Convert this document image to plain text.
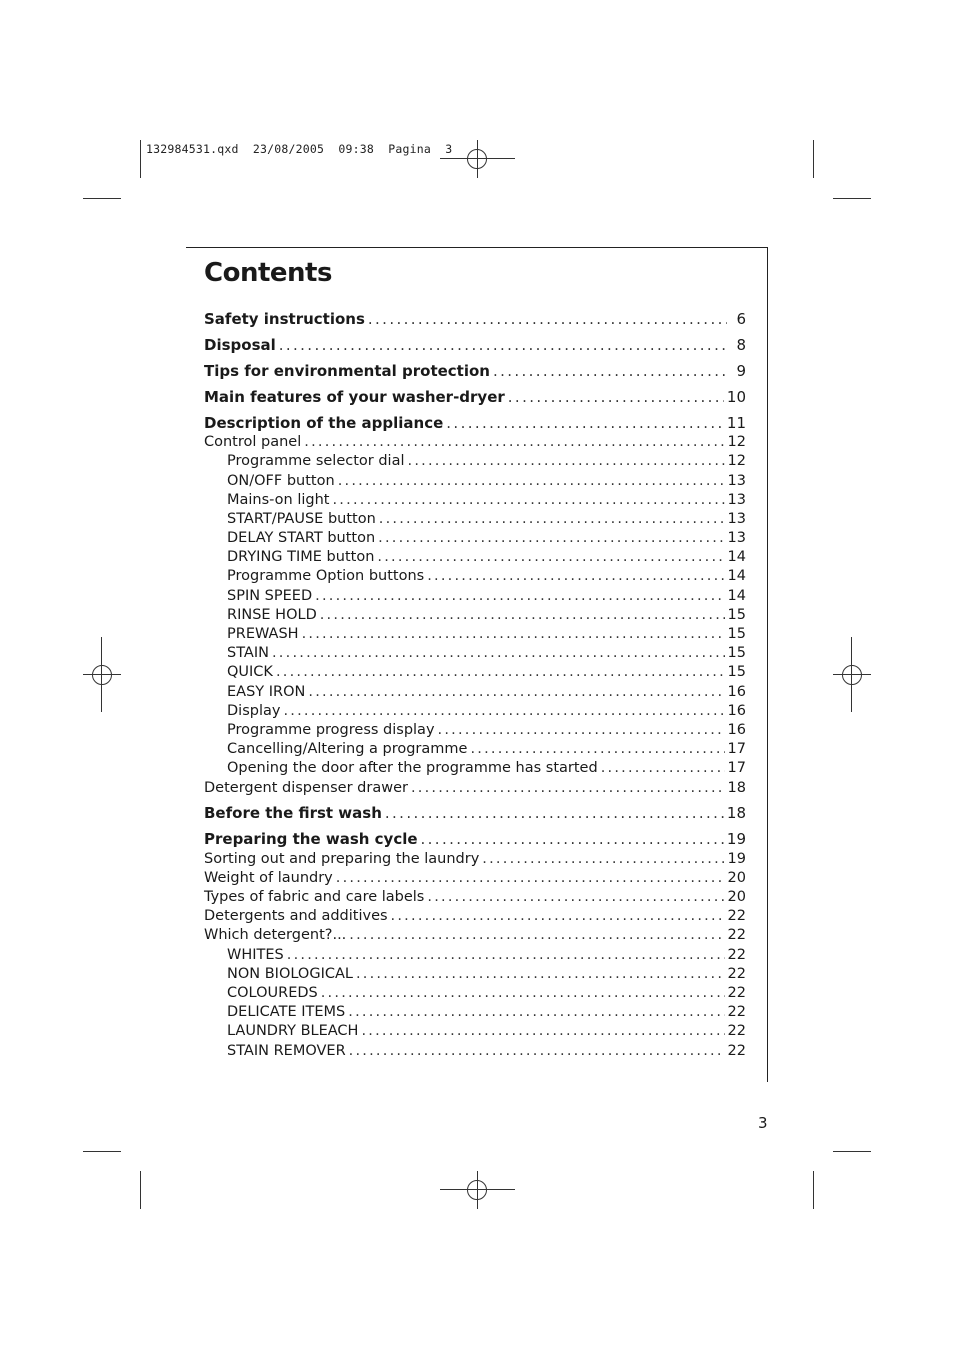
132984531.qxd  23/08/2005  09:38  Pagina  3
Contents
Safety instructions . . .	6
Disposal . . .	8
Tips for environmental protection . . .	9
Main features of your washer-dryer . . .	10
Description of the appliance . . .	11
Control panel . . .	12
Programme selector dial . . .	12
ON/OFF button . . .	13
Mains-on light . . .	13
START/PAUSE button . . .	13
DELAY START button . . .	13
DRYING TIME button . . .	14
Programme Option buttons . . .	14
SPIN SPEED . . .	14
RINSE HOLD . . .	15
PREWASH . . .	15
STAIN . . .	15
QUICK . . .	15
EASY IRON . . .	16
Display . . .	16
Programme progress display . . .	16
Cancelling/Altering a programme . . .	17
Opening the door after the programme has started . . .	17
Detergent dispenser drawer . . .	18
Before the first wash . . .	18
Preparing the wash cycle . . .	19
Sorting out and preparing the laundry . . .	19
Weight of laundry . . .	20
Types of fabric and care labels . . .	20
Detergents and additives . . .	22
Which detergent?... . . .	22
WHITES . . .	22
NON BIOLOGICAL . . .	22
COLOUREDS . . .	22
DELICATE ITEMS . . .	22
LAUNDRY BLEACH . . .	22
STAIN REMOVER . . .	22
3
